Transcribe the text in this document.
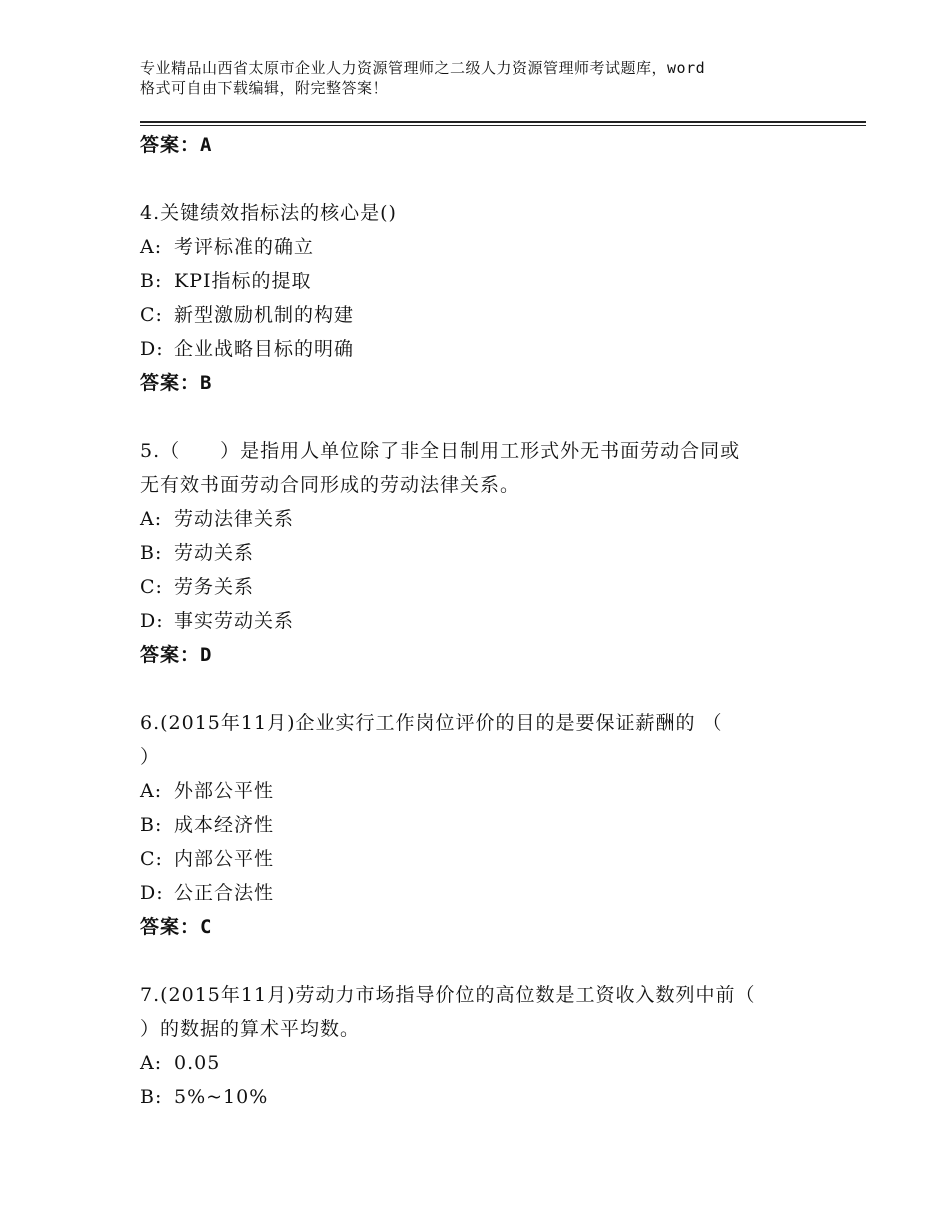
专业精品山西省太原市企业人力资源管理师之二级人力资源管理师考试题库，word
格式可自由下载编辑，附完整答案！
答案：A
4.关键绩效指标法的核心是()
A: 考评标准的确立
B: KPI指标的提取
C: 新型激励机制的构建
D: 企业战略目标的明确
答案：B
5.（　　）是指用人单位除了非全日制用工形式外无书面劳动合同或
无有效书面劳动合同形成的劳动法律关系。
A: 劳动法律关系
B: 劳动关系
C: 劳务关系
D: 事实劳动关系
答案：D
6.(2015年11月)企业实行工作岗位评价的目的是要保证薪酬的 （
）
A: 外部公平性
B: 成本经济性
C: 内部公平性
D: 公正合法性
答案：C
7.(2015年11月)劳动力市场指导价位的高位数是工资收入数列中前（
）的数据的算术平均数。
A: 0.05
B: 5%~10%
